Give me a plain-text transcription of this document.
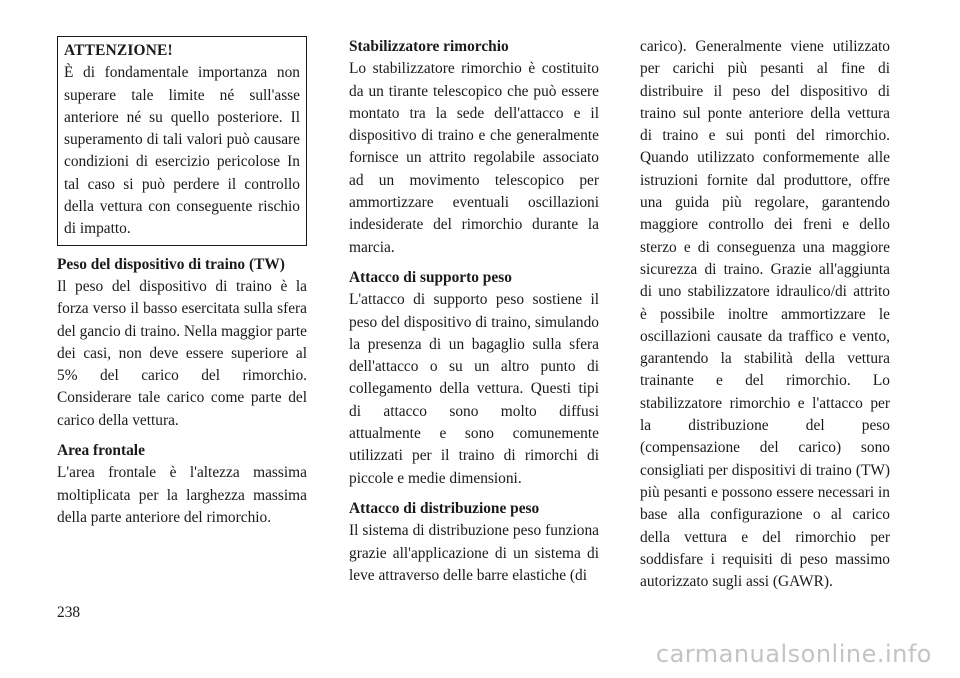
ATTENZIONE!

È di fondamentale importanza non superare tale limite né sull'asse anteriore né su quello posteriore. Il superamento di tali valori può causare condizioni di esercizio pericolose In tal caso si può perdere il controllo della vettura con conseguente rischio di impatto.

Peso del dispositivo di traino (TW)

Il peso del dispositivo di traino è la forza verso il basso esercitata sulla sfera del gancio di traino. Nella maggior parte dei casi, non deve essere superiore al 5% del carico del rimorchio. Considerare tale carico come parte del carico della vettura.

Area frontale

L'area frontale è l'altezza massima moltiplicata per la larghezza massima della parte anteriore del rimorchio.

Stabilizzatore rimorchio

Lo stabilizzatore rimorchio è costituito da un tirante telescopico che può essere montato tra la sede dell'attacco e il dispositivo di traino e che generalmente fornisce un attrito regolabile associato ad un movimento telescopico per ammortizzare eventuali oscillazioni indesiderate del rimorchio durante la marcia.

Attacco di supporto peso

L'attacco di supporto peso sostiene il peso del dispositivo di traino, simulando la presenza di un bagaglio sulla sfera dell'attacco o su un altro punto di collegamento della vettura. Questi tipi di attacco sono molto diffusi attualmente e sono comunemente utilizzati per il traino di rimorchi di piccole e medie dimensioni.

Attacco di distribuzione peso

Il sistema di distribuzione peso funziona grazie all'applicazione di un sistema di leve attraverso delle barre elastiche (di

carico). Generalmente viene utilizzato per carichi più pesanti al fine di distribuire il peso del dispositivo di traino sul ponte anteriore della vettura di traino e sui ponti del rimorchio. Quando utilizzato conformemente alle istruzioni fornite dal produttore, offre una guida più regolare, garantendo maggiore controllo dei freni e dello sterzo e di conseguenza una maggiore sicurezza di traino. Grazie all'aggiunta di uno stabilizzatore idraulico/di attrito è possibile inoltre ammortizzare le oscillazioni causate da traffico e vento, garantendo la stabilità della vettura trainante e del rimorchio. Lo stabilizzatore rimorchio e l'attacco per la distribuzione del peso (compensazione del carico) sono consigliati per dispositivi di traino (TW) più pesanti e possono essere necessari in base alla configurazione o al carico della vettura e del rimorchio per soddisfare i requisiti di peso massimo autorizzato sugli assi (GAWR).

238
carmanualsonline.info
